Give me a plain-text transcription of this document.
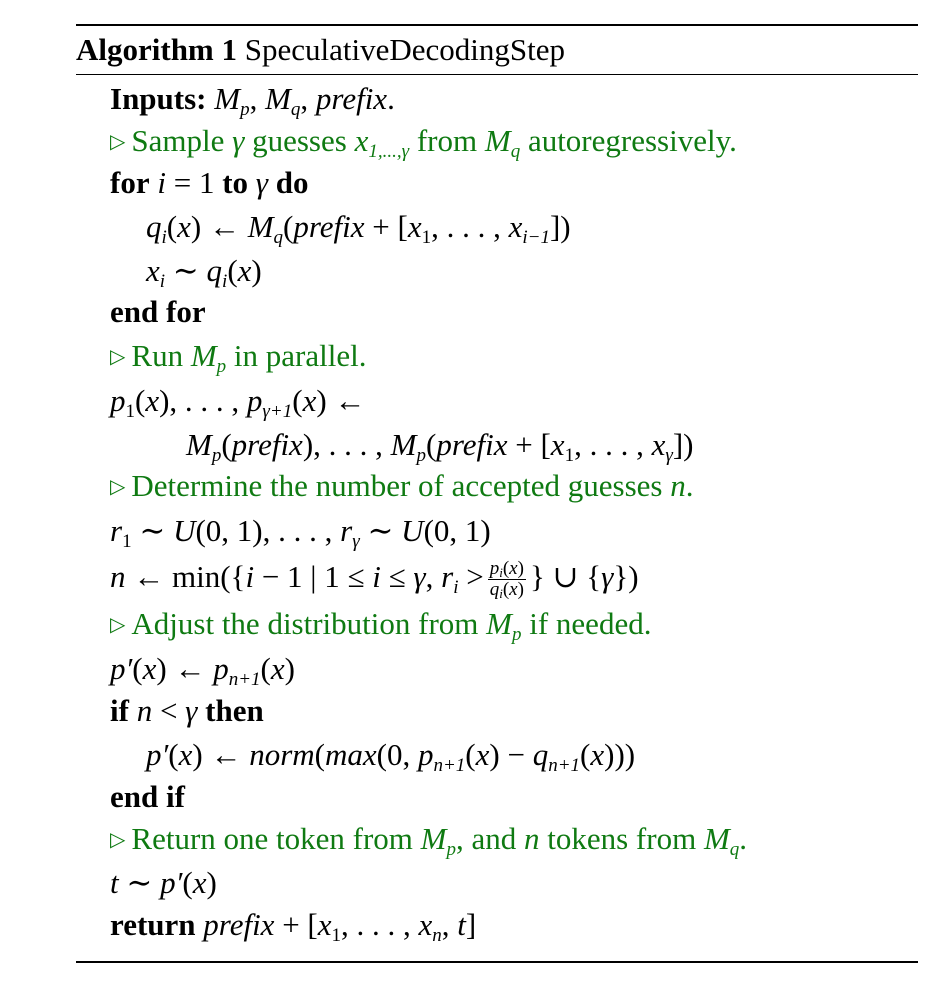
Algorithm 1 SpeculativeDecodingStep
Inputs: $M_p$, $M_q$, prefix.
▷ Sample γ guesses $x_{1,...,\gamma}$ from $M_q$ autoregressively.
for i = 1 to γ do
$q_i(x)$ ← $M_q(prefix + [x_1$, . . . , $x_{i-1}$])
$x_i$ ∼ $q_i(x)$
end for
▷ Run $M_p$ in parallel.
$p_1(x)$, . . . , $p_{\gamma+1}(x)$ ←
$M_p(prefix)$, . . . , $M_p(prefix + [x_1$, . . . , $x_\gamma$])
▷ Determine the number of accepted guesses n.
$r_1$ ∼ U(0, 1), . . . , $r_\gamma$ ∼ U(0, 1)
n ← min({i − 1 | 1 ≤ i ≤ γ, $r_i > \frac{p_i(x)}{q_i(x)}$ } ∪ {γ})
▷ Adjust the distribution from $M_p$ if needed.
p′(x) ← $p_{n+1}(x)$
if n < γ then
p′(x) ← norm(max(0, $p_{n+1}(x) - q_{n+1}(x)$))
end if
▷ Return one token from $M_p$, and n tokens from $M_q$.
t ∼ p′(x)
return prefix + [$x_1$, . . . , $x_n$, t]
